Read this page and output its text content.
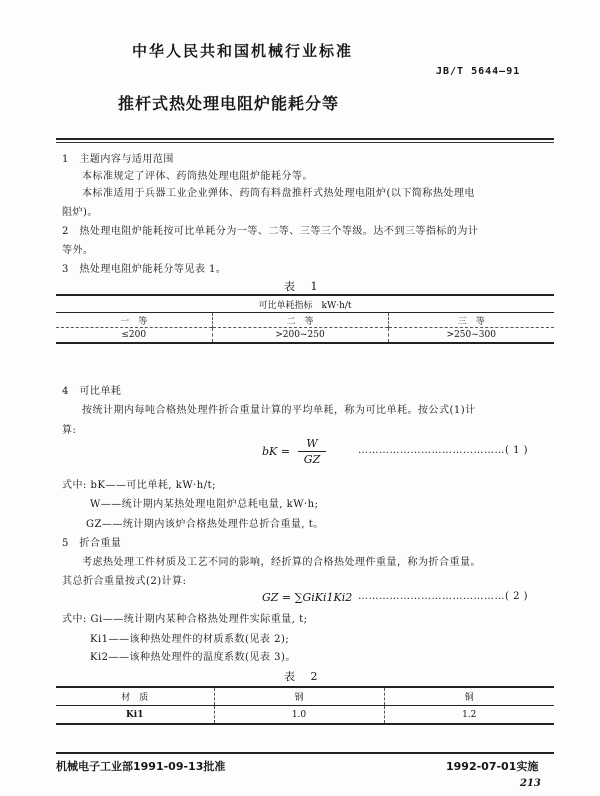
中华人民共和国机械行业标准
JB/T 5644—91
推杆式热处理电阻炉能耗分等
1　主题内容与适用范围
本标准规定了评体、药筒热处理电阻炉能耗分等。
本标准适用于兵器工业企业弹体、药筒有料盘推杆式热处理电阻炉(以下简称热处理电
阻炉)。
2　热处理电阻炉能耗按可比单耗分为一等、二等、三等三个等级。达不到三等指标的为计
等外。
3　热处理电阻炉能耗分等见表 1。
表 1
可比单耗指标　kW·h/t		
一　等	二　等	三　等
≤200	>200~250	>250~300
4　可比单耗
按统计期内每吨合格热处理件折合重量计算的平均单耗，称为可比单耗。按公式(1)计
算:
bK =
W
GZ
……………………………………( 1 )
式中: bK——可比单耗, kW·h/t;
W——统计期内某热处理电阻炉总耗电量, kW·h;
GZ——统计期内该炉合格热处理件总折合重量, t。
5　折合重量
考虑热处理工件材质及工艺不同的影响，经折算的合格热处理件重量，称为折合重量。
其总折合重量按式(2)计算:
GZ = ∑GiKi1Ki2 ……………………………………( 2 )
式中: Gi——统计期内某种合格热处理件实际重量, t;
Ki1——该种热处理件的材质系数(见表 2);
Ki2——该种热处理件的温度系数(见表 3)。
表 2
材　质	钢	铜
Ki1	1.0	1.2
机械电子工业部1991-09-13批准	1992-07-01实施
213
